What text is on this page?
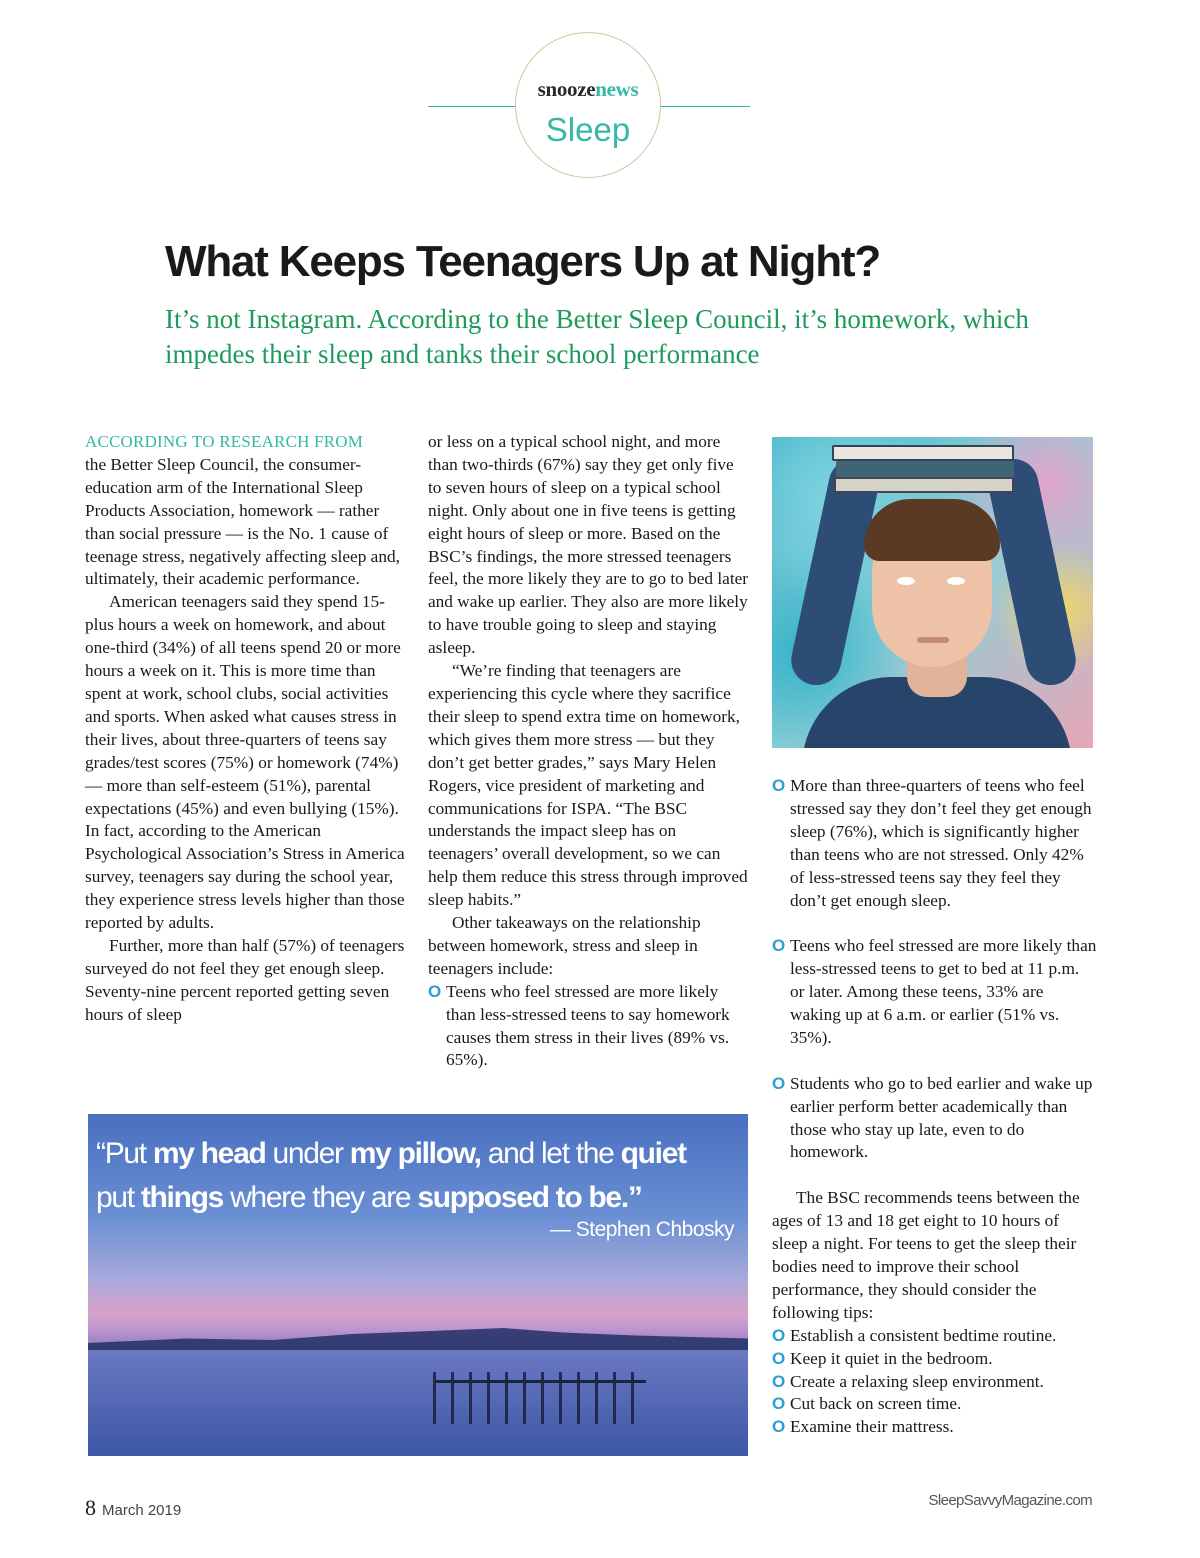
snoozenews
Sleep
What Keeps Teenagers Up at Night?
It’s not Instagram. According to the Better Sleep Council, it’s homework, which impedes their sleep and tanks their school performance

ACCORDING TO RESEARCH FROM
the Better Sleep Council, the consumer-education arm of the International Sleep Products Association, homework — rather than social pressure — is the No. 1 cause of teenage stress, negatively affecting sleep and, ultimately, their academic performance.

American teenagers said they spend 15-plus hours a week on homework, and about one-third (34%) of all teens spend 20 or more hours a week on it. This is more time than spent at work, school clubs, social activities and sports. When asked what causes stress in their lives, about three-quarters of teens say grades/test scores (75%) or homework (74%) — more than self-esteem (51%), parental expectations (45%) and even bullying (15%). In fact, according to the American Psychological Association’s Stress in America survey, teenagers say during the school year, they experience stress levels higher than those reported by adults.

Further, more than half (57%) of teenagers surveyed do not feel they get enough sleep. Seventy-nine percent reported getting seven hours of sleep

or less on a typical school night, and more than two-thirds (67%) say they get only five to seven hours of sleep on a typical school night. Only about one in five teens is getting eight hours of sleep or more. Based on the BSC’s findings, the more stressed teenagers feel, the more likely they are to go to bed later and wake up earlier. They also are more likely to have trouble going to sleep and staying asleep.

“We’re finding that teenagers are experiencing this cycle where they sacrifice their sleep to spend extra time on homework, which gives them more stress — but they don’t get better grades,” says Mary Helen Rogers, vice president of marketing and communications for ISPA. “The BSC understands the impact sleep has on teenagers’ overall development, so we can help them reduce this stress through improved sleep habits.”

Other takeaways on the relationship between homework, stress and sleep in teenagers include:

O Teens who feel stressed are more likely than less-stressed teens to say homework causes them stress in their lives (89% vs. 65%).
O More than three-quarters of teens who feel stressed say they don’t feel they get enough sleep (76%), which is significantly higher than teens who are not stressed. Only 42% of less-stressed teens say they feel they don’t get enough sleep.
O Teens who feel stressed are more likely than less-stressed teens to get to bed at 11 p.m. or later. Among these teens, 33% are waking up at 6 a.m. or earlier (51% vs. 35%).
O Students who go to bed earlier and wake up earlier perform better academically than those who stay up late, even to do homework.

The BSC recommends teens between the ages of 13 and 18 get eight to 10 hours of sleep a night. For teens to get the sleep their bodies need to improve their school performance, they should consider the following tips:

O Establish a consistent bedtime routine.
O Keep it quiet in the bedroom.
O Create a relaxing sleep environment.
O Cut back on screen time.
O Examine their mattress.
“Put my head under my pillow, and let the quiet
put things where they are supposed to be.”
— Stephen Chbosky
8 March 2019
SleepSavvyMagazine.com
